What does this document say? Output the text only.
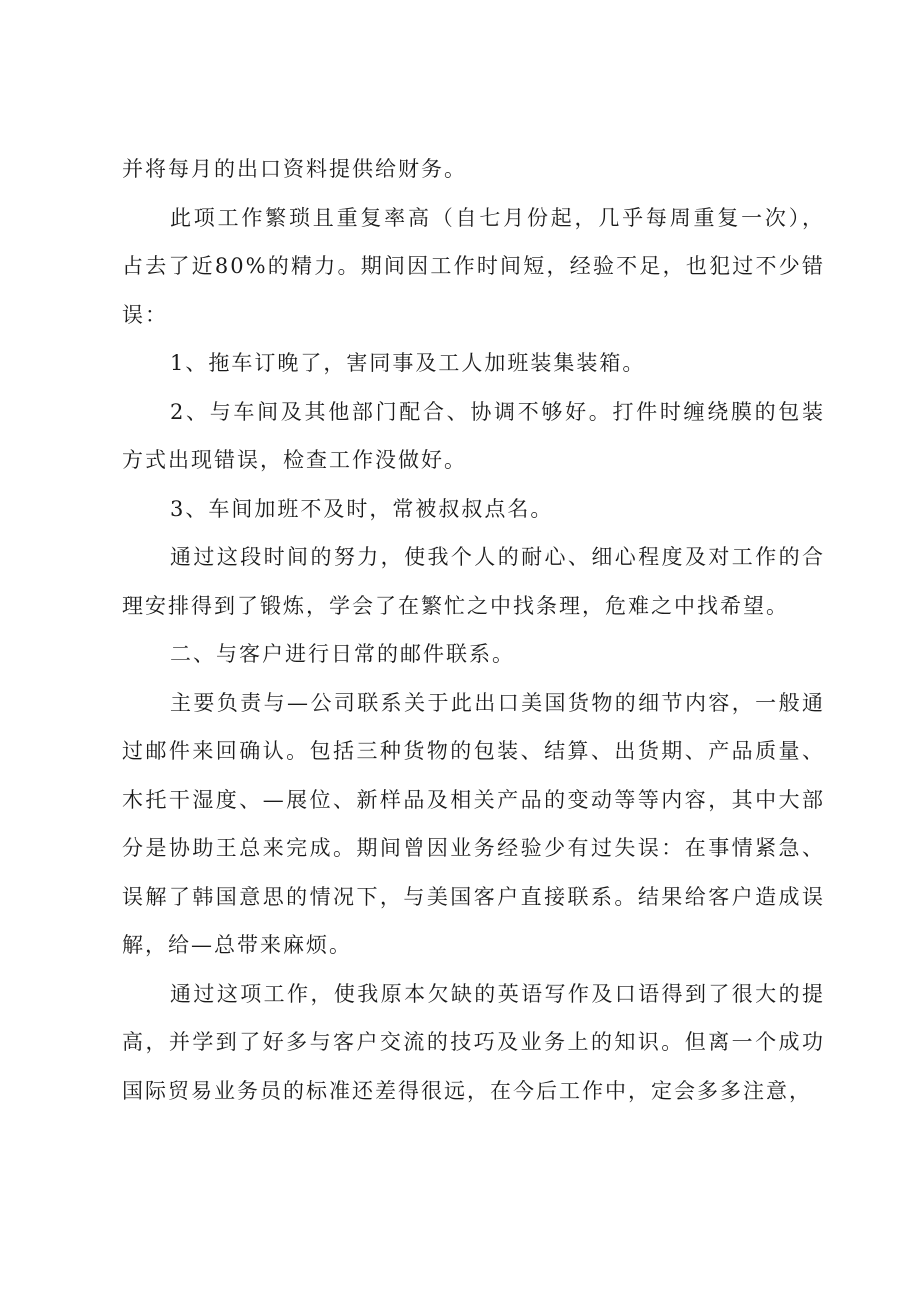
并将每月的出口资料提供给财务。

此项工作繁琐且重复率高（自七月份起，几乎每周重复一次），占去了近80%的精力。期间因工作时间短，经验不足，也犯过不少错误：

1、拖车订晚了，害同事及工人加班装集装箱。

2、与车间及其他部门配合、协调不够好。打件时缠绕膜的包装方式出现错误，检查工作没做好。

3、车间加班不及时，常被叔叔点名。

通过这段时间的努力，使我个人的耐心、细心程度及对工作的合理安排得到了锻炼，学会了在繁忙之中找条理，危难之中找希望。

二、与客户进行日常的邮件联系。

主要负责与—公司联系关于此出口美国货物的细节内容，一般通过邮件来回确认。包括三种货物的包装、结算、出货期、产品质量、木托干湿度、—展位、新样品及相关产品的变动等等内容，其中大部分是协助王总来完成。期间曾因业务经验少有过失误：在事情紧急、误解了韩国意思的情况下，与美国客户直接联系。结果给客户造成误解，给—总带来麻烦。

通过这项工作，使我原本欠缺的英语写作及口语得到了很大的提高，并学到了好多与客户交流的技巧及业务上的知识。但离一个成功国际贸易业务员的标准还差得很远，在今后工作中，定会多多注意，
